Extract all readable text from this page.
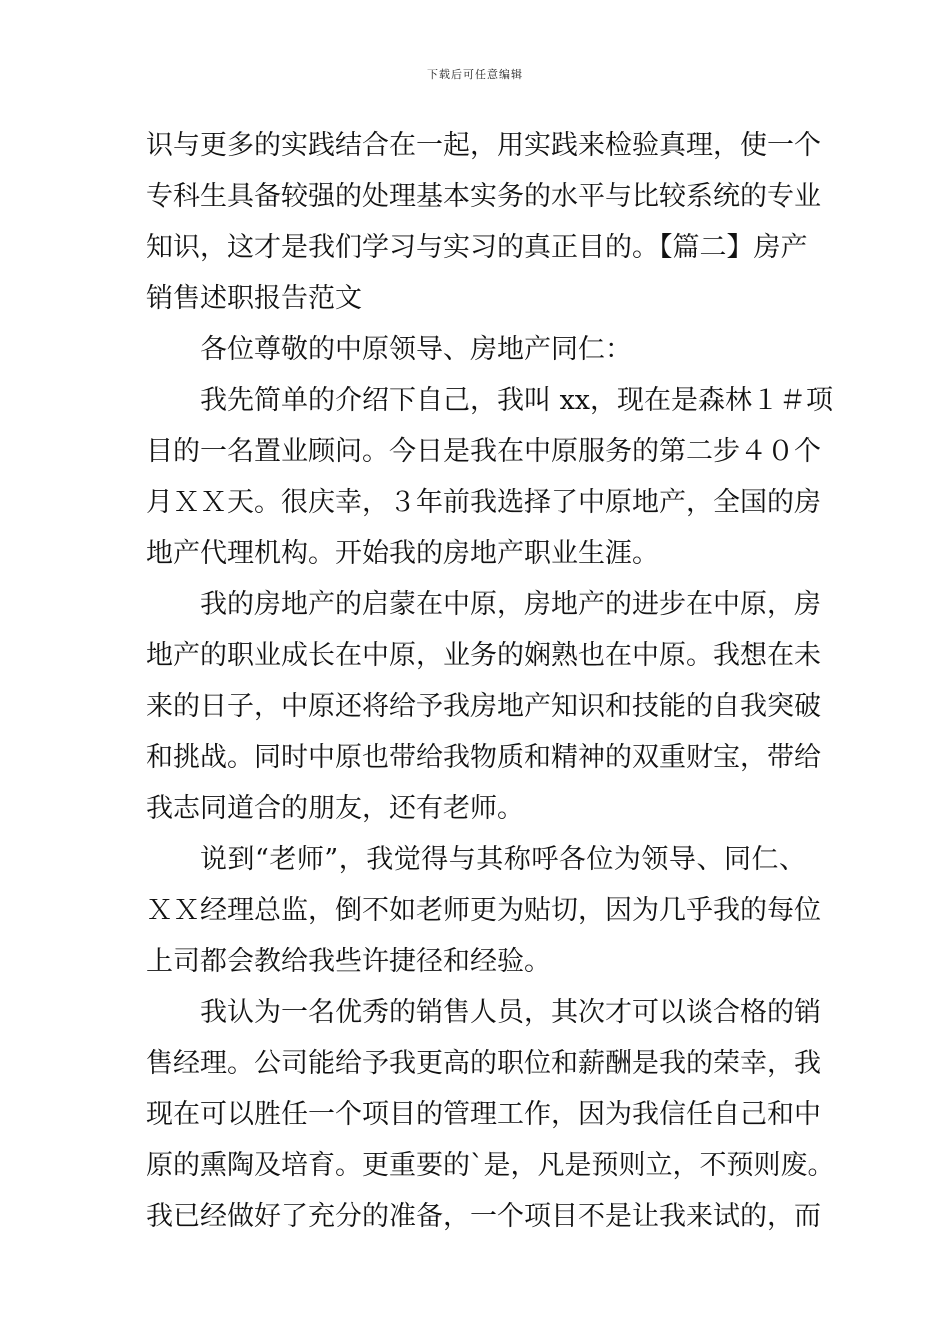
下载后可任意编辑
识与更多的实践结合在一起，用实践来检验真理，使一个
专科生具备较强的处理基本实务的水平与比较系统的专业
知识，这才是我们学习与实习的真正目的。【篇二】房产
销售述职报告范文
各位尊敬的中原领导、房地产同仁：
我先简单的介绍下自己，我叫 xx，现在是森林１＃项
目的一名置业顾问。今日是我在中原服务的第二步４０个
月ＸＸ天。很庆幸，３年前我选择了中原地产，全国的房
地产代理机构。开始我的房地产职业生涯。
我的房地产的启蒙在中原，房地产的进步在中原，房
地产的职业成长在中原，业务的娴熟也在中原。我想在未
来的日子，中原还将给予我房地产知识和技能的自我突破
和挑战。同时中原也带给我物质和精神的双重财宝，带给
我志同道合的朋友，还有老师。
说到“老师”，我觉得与其称呼各位为领导、同仁、
ＸＸ经理总监，倒不如老师更为贴切，因为几乎我的每位
上司都会教给我些许捷径和经验。
我认为一名优秀的销售人员，其次才可以谈合格的销
售经理。公司能给予我更高的职位和薪酬是我的荣幸，我
现在可以胜任一个项目的管理工作，因为我信任自己和中
原的熏陶及培育。更重要的`是，凡是预则立，不预则废。
我已经做好了充分的准备，一个项目不是让我来试的，而
